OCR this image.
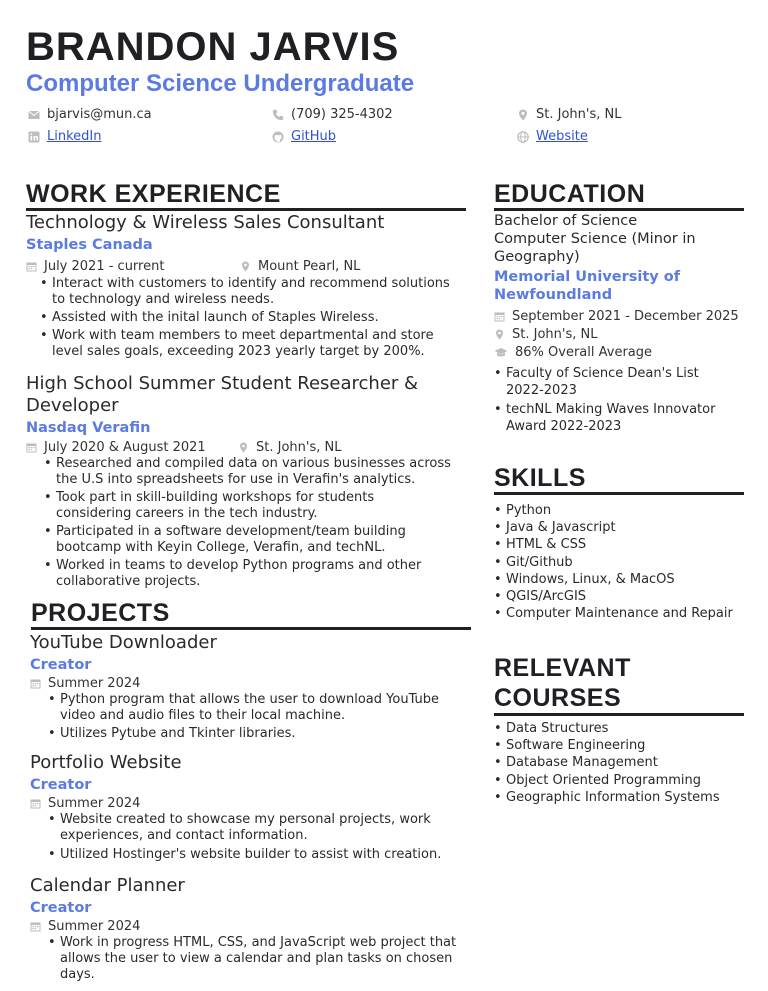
BRANDON JARVIS
Computer Science Undergraduate
bjarvis@mun.ca	(709) 325-4302	St. John's, NL
LinkedIn	GitHub	Website
WORK EXPERIENCE
Technology & Wireless Sales Consultant
Staples Canada
July 2021 - current	Mount Pearl, NL
• Interact with customers to identify and recommend solutions to technology and wireless needs.
• Assisted with the inital launch of Staples Wireless.
• Work with team members to meet departmental and store level sales goals, exceeding 2023 yearly target by 200%.
High School Summer Student Researcher & Developer
Nasdaq Verafin
July 2020 & August 2021	St. John's, NL
• Researched and compiled data on various businesses across the U.S into spreadsheets for use in Verafin's analytics.
• Took part in skill-building workshops for students considering careers in the tech industry.
• Participated in a software development/team building bootcamp with Keyin College, Verafin, and techNL.
• Worked in teams to develop Python programs and other collaborative projects.
PROJECTS
YouTube Downloader
Creator
Summer 2024
• Python program that allows the user to download YouTube video and audio files to their local machine.
• Utilizes Pytube and Tkinter libraries.
Portfolio Website
Creator
Summer 2024
• Website created to showcase my personal projects, work experiences, and contact information.
• Utilized Hostinger's website builder to assist with creation.
Calendar Planner
Creator
Summer 2024
• Work in progress HTML, CSS, and JavaScript web project that allows the user to view a calendar and plan tasks on chosen days.
EDUCATION
Bachelor of Science
Computer Science (Minor in Geography)
Memorial University of Newfoundland
September 2021 - December 2025
St. John's, NL
86% Overall Average
• Faculty of Science Dean's List 2022-2023
• techNL Making Waves Innovator Award 2022-2023
SKILLS
• Python
• Java & Javascript
• HTML & CSS
• Git/Github
• Windows, Linux, & MacOS
• QGIS/ArcGIS
• Computer Maintenance and Repair
RELEVANT COURSES
• Data Structures
• Software Engineering
• Database Management
• Object Oriented Programming
• Geographic Information Systems
